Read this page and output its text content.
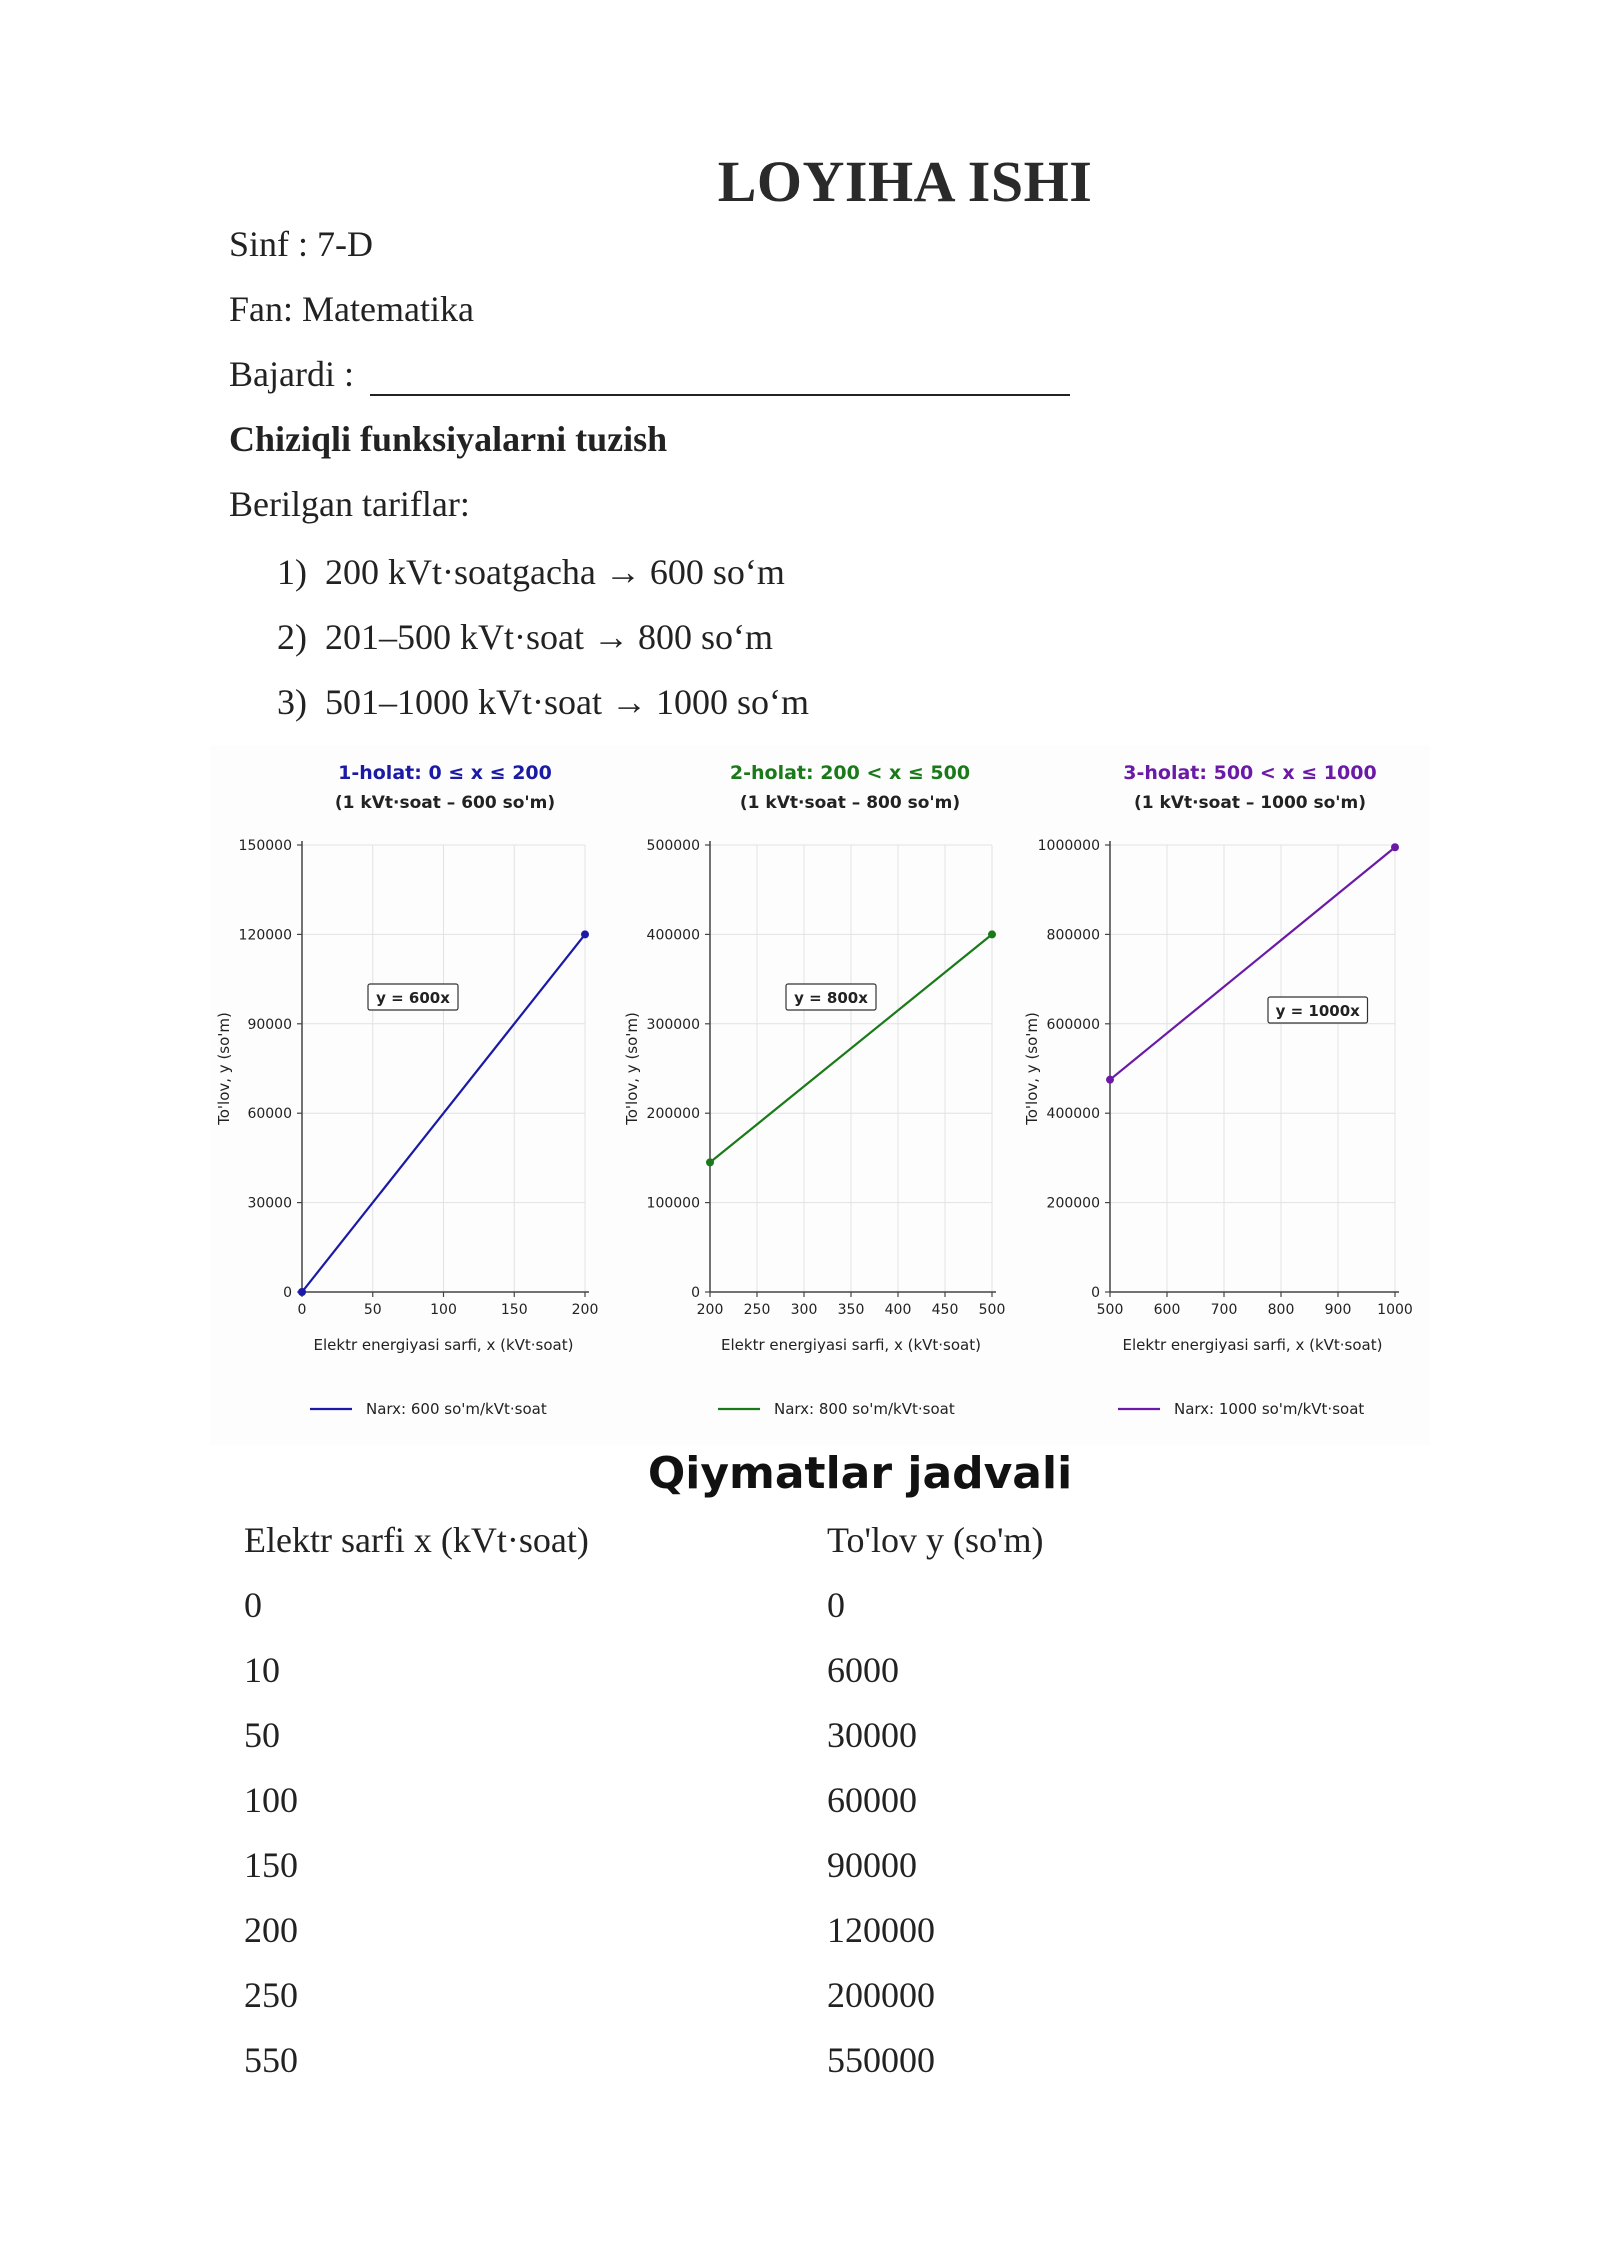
LOYIHA ISHI
Sinf : 7-D
Fan: Matematika
Bajardi :
Chiziqli funksiyalarni tuzish
Berilgan tariflar:
1) 200 kVt·soatgacha → 600 so‘m
2) 201–500 kVt·soat → 800 so‘m
3) 501–1000 kVt·soat → 1000 so‘m
1-holat: 0 ≤ x ≤ 200
(1 kVt·soat – 600 so'm)
0
30000
60000
90000
120000
150000
0	50	100	150	200
To'lov, y (so'm)
Elektr energiyasi sarfi, x (kVt·soat)
Narx: 600 so'm/kVt·soat
y = 600x
2-holat: 200 < x ≤ 500
(1 kVt·soat – 800 so'm)
0
100000
200000
300000
400000
500000
200 250 300 350 400 450 500
To'lov, y (so'm)
Elektr energiyasi sarfi, x (kVt·soat)
Narx: 800 so'm/kVt·soat
y = 800x
3-holat: 500 < x ≤ 1000
(1 kVt·soat – 1000 so'm)
0
200000
400000
600000
800000
1000000
500 600 700 800 900 1000
To'lov, y (so'm)
Elektr energiyasi sarfi, x (kVt·soat)
Narx: 1000 so'm/kVt·soat
y = 1000x
Qiymatlar jadvali
Elektr sarfi x (kVt·soat)	To'lov y (so'm)
0	0
10	6000
50	30000
100	60000
150	90000
200	120000
250	200000
550	550000
